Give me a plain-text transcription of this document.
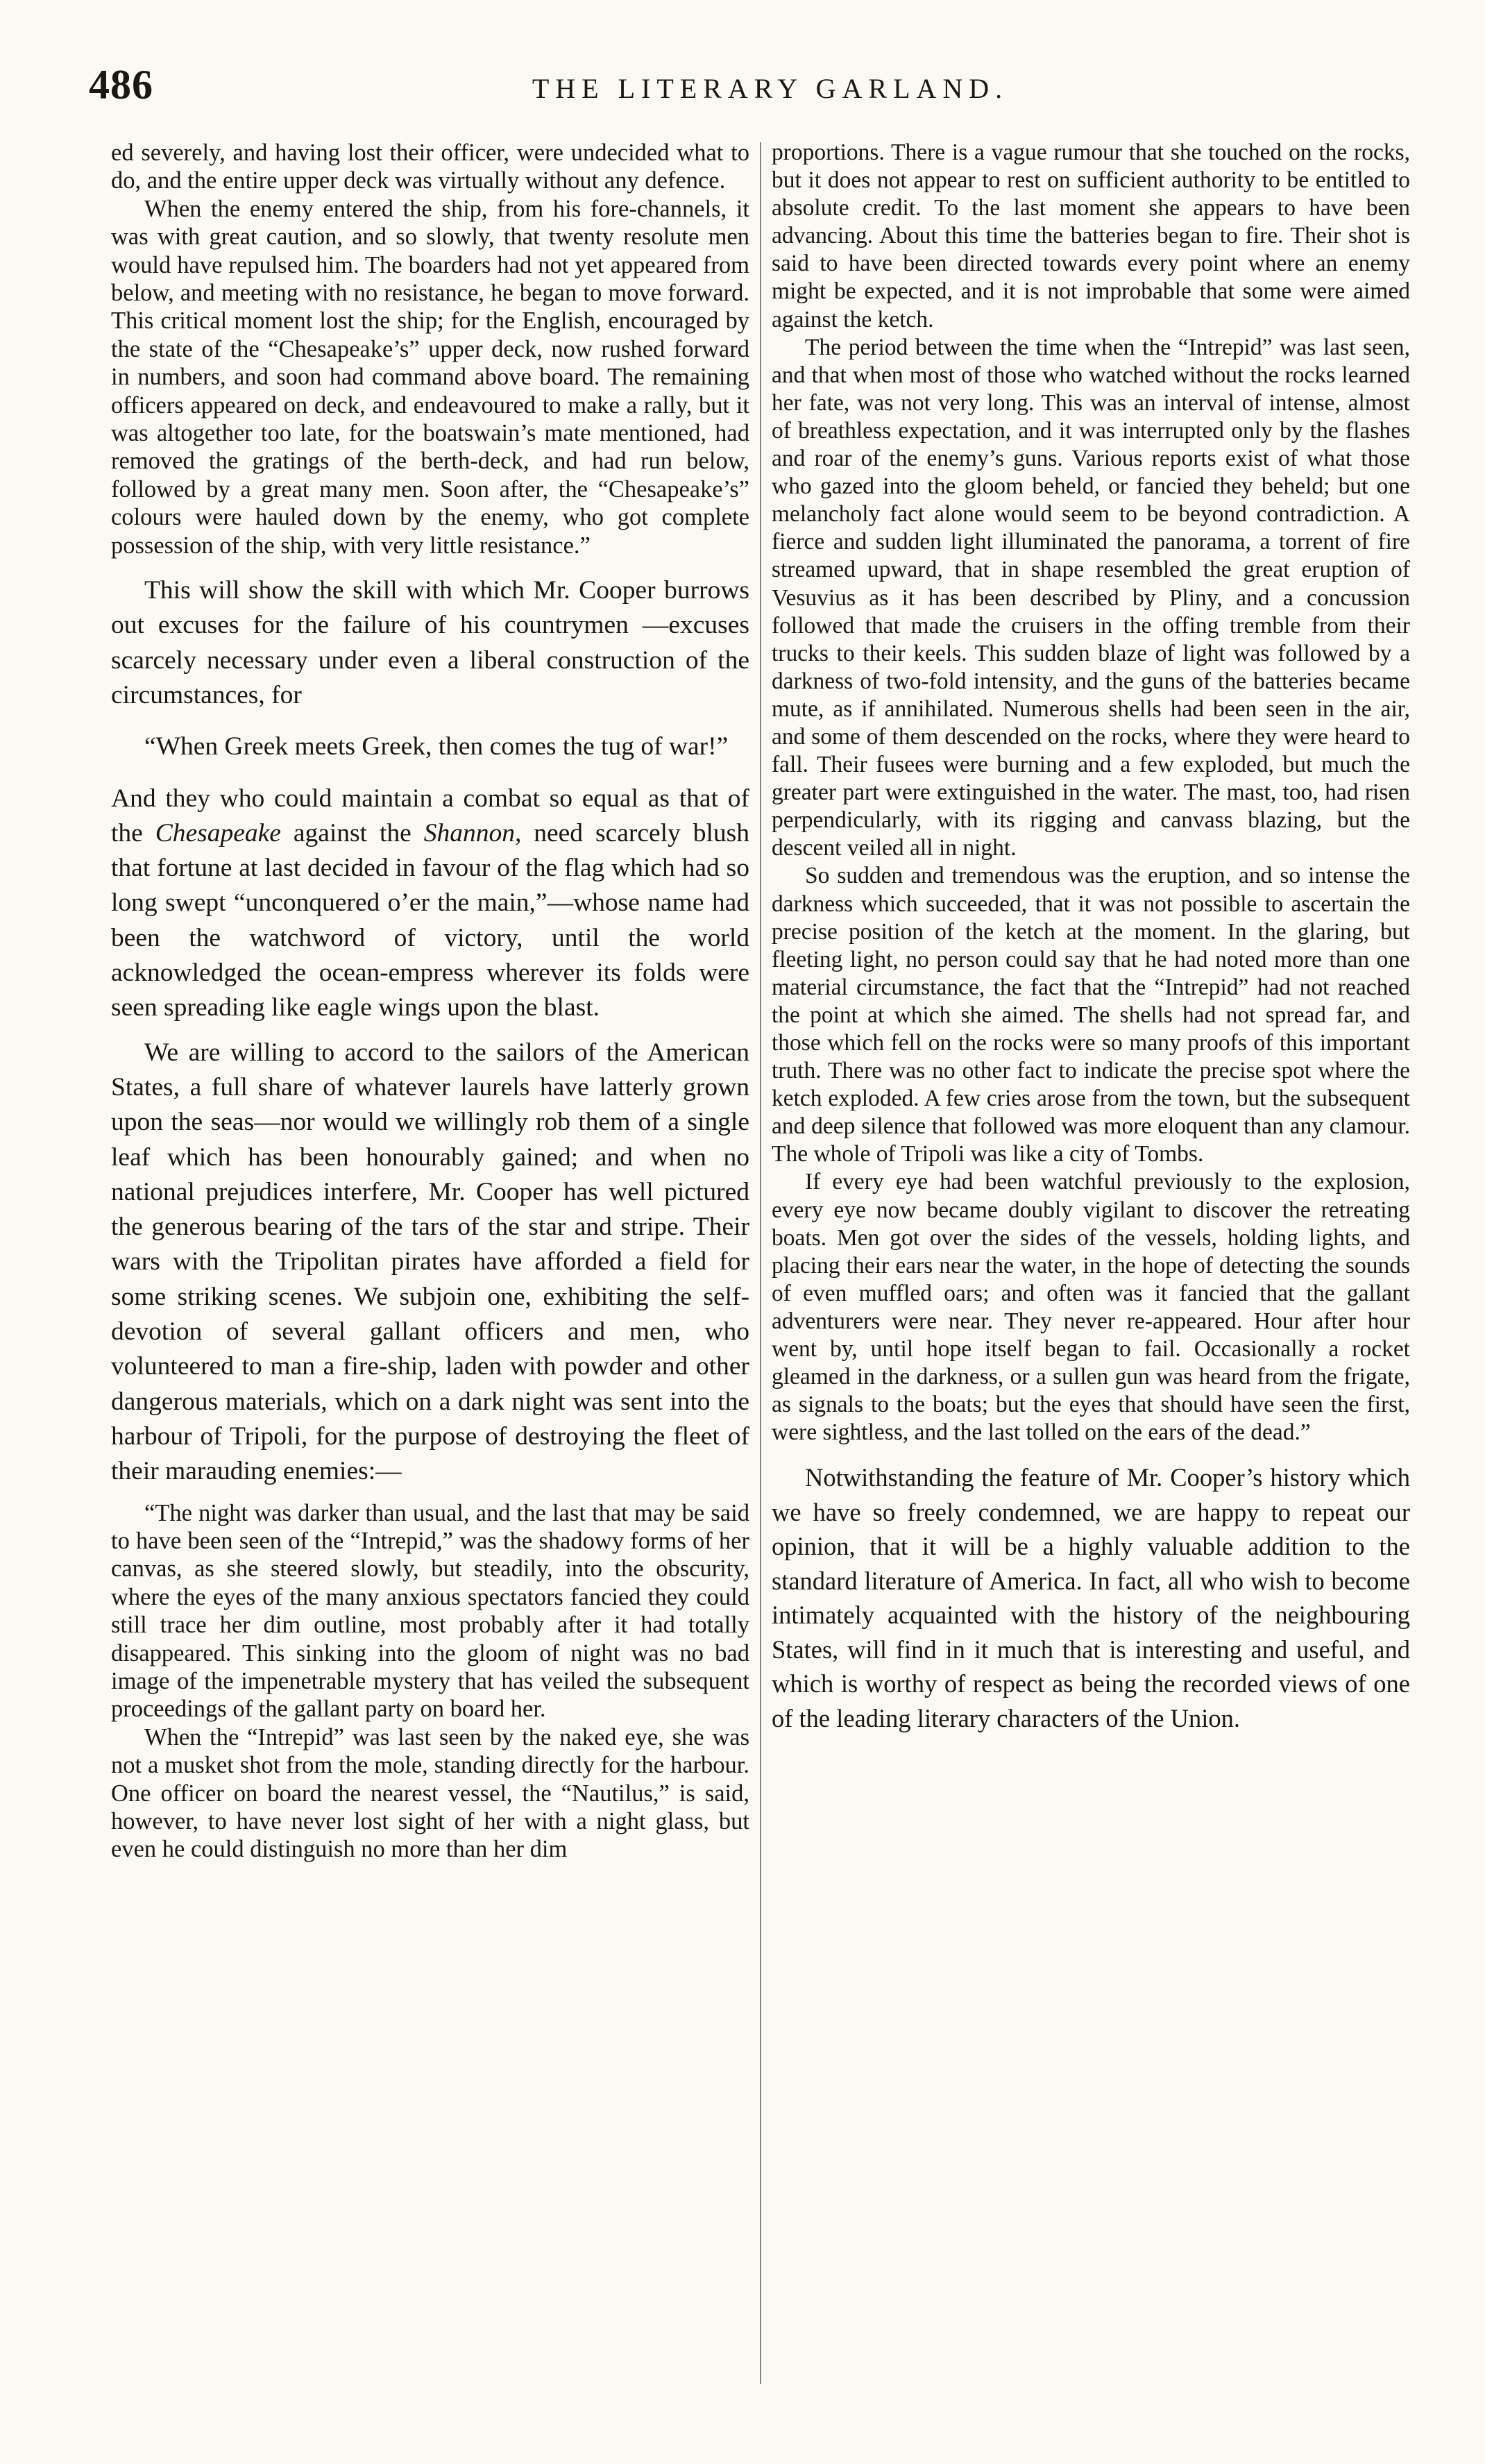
486	THE LITERARY GARLAND.

ed severely, and having lost their officer, were undecided what to do, and the entire upper deck was virtually without any defence.

When the enemy entered the ship, from his fore-channels, it was with great caution, and so slowly, that twenty resolute men would have repulsed him. The boarders had not yet appeared from below, and meeting with no resistance, he began to move forward. This critical moment lost the ship; for the English, encouraged by the state of the “Chesapeake’s” upper deck, now rushed forward in numbers, and soon had command above board. The remaining officers appeared on deck, and endeavoured to make a rally, but it was altogether too late, for the boatswain’s mate mentioned, had removed the gratings of the berth-deck, and had run below, followed by a great many men. Soon after, the “Chesapeake’s” colours were hauled down by the enemy, who got complete possession of the ship, with very little resistance.”

This will show the skill with which Mr. Cooper burrows out excuses for the failure of his countrymen —excuses scarcely necessary under even a liberal construction of the circumstances, for

“When Greek meets Greek, then comes the tug of war!”

And they who could maintain a combat so equal as that of the Chesapeake against the Shannon, need scarcely blush that fortune at last decided in favour of the flag which had so long swept “unconquered o’er the main,”—whose name had been the watchword of victory, until the world acknowledged the ocean-empress wherever its folds were seen spreading like eagle wings upon the blast.

We are willing to accord to the sailors of the American States, a full share of whatever laurels have latterly grown upon the seas—nor would we willingly rob them of a single leaf which has been honourably gained; and when no national prejudices interfere, Mr. Cooper has well pictured the generous bearing of the tars of the star and stripe. Their wars with the Tripolitan pirates have afforded a field for some striking scenes. We subjoin one, exhibiting the self-devotion of several gallant officers and men, who volunteered to man a fire-ship, laden with powder and other dangerous materials, which on a dark night was sent into the harbour of Tripoli, for the purpose of destroying the fleet of their marauding enemies:—

“The night was darker than usual, and the last that may be said to have been seen of the “Intrepid,” was the shadowy forms of her canvas, as she steered slowly, but steadily, into the obscurity, where the eyes of the many anxious spectators fancied they could still trace her dim outline, most probably after it had totally disappeared. This sinking into the gloom of night was no bad image of the impenetrable mystery that has veiled the subsequent proceedings of the gallant party on board her.

When the “Intrepid” was last seen by the naked eye, she was not a musket shot from the mole, standing directly for the harbour. One officer on board the nearest vessel, the “Nautilus,” is said, however, to have never lost sight of her with a night glass, but even he could distinguish no more than her dim

proportions. There is a vague rumour that she touched on the rocks, but it does not appear to rest on sufficient authority to be entitled to absolute credit. To the last moment she appears to have been advancing. About this time the batteries began to fire. Their shot is said to have been directed towards every point where an enemy might be expected, and it is not improbable that some were aimed against the ketch.

The period between the time when the “Intrepid” was last seen, and that when most of those who watched without the rocks learned her fate, was not very long. This was an interval of intense, almost of breathless expectation, and it was interrupted only by the flashes and roar of the enemy’s guns. Various reports exist of what those who gazed into the gloom beheld, or fancied they beheld; but one melancholy fact alone would seem to be beyond contradiction. A fierce and sudden light illuminated the panorama, a torrent of fire streamed upward, that in shape resembled the great eruption of Vesuvius as it has been described by Pliny, and a concussion followed that made the cruisers in the offing tremble from their trucks to their keels. This sudden blaze of light was followed by a darkness of two-fold intensity, and the guns of the batteries became mute, as if annihilated. Numerous shells had been seen in the air, and some of them descended on the rocks, where they were heard to fall. Their fusees were burning and a few exploded, but much the greater part were extinguished in the water. The mast, too, had risen perpendicularly, with its rigging and canvass blazing, but the descent veiled all in night.

So sudden and tremendous was the eruption, and so intense the darkness which succeeded, that it was not possible to ascertain the precise position of the ketch at the moment. In the glaring, but fleeting light, no person could say that he had noted more than one material circumstance, the fact that the “Intrepid” had not reached the point at which she aimed. The shells had not spread far, and those which fell on the rocks were so many proofs of this important truth. There was no other fact to indicate the precise spot where the ketch exploded. A few cries arose from the town, but the subsequent and deep silence that followed was more eloquent than any clamour. The whole of Tripoli was like a city of Tombs.

If every eye had been watchful previously to the explosion, every eye now became doubly vigilant to discover the retreating boats. Men got over the sides of the vessels, holding lights, and placing their ears near the water, in the hope of detecting the sounds of even muffled oars; and often was it fancied that the gallant adventurers were near. They never re-appeared. Hour after hour went by, until hope itself began to fail. Occasionally a rocket gleamed in the darkness, or a sullen gun was heard from the frigate, as signals to the boats; but the eyes that should have seen the first, were sightless, and the last tolled on the ears of the dead.”

Notwithstanding the feature of Mr. Cooper’s history which we have so freely condemned, we are happy to repeat our opinion, that it will be a highly valuable addition to the standard literature of America. In fact, all who wish to become intimately acquainted with the history of the neighbouring States, will find in it much that is interesting and useful, and which is worthy of respect as being the recorded views of one of the leading literary characters of the Union.
